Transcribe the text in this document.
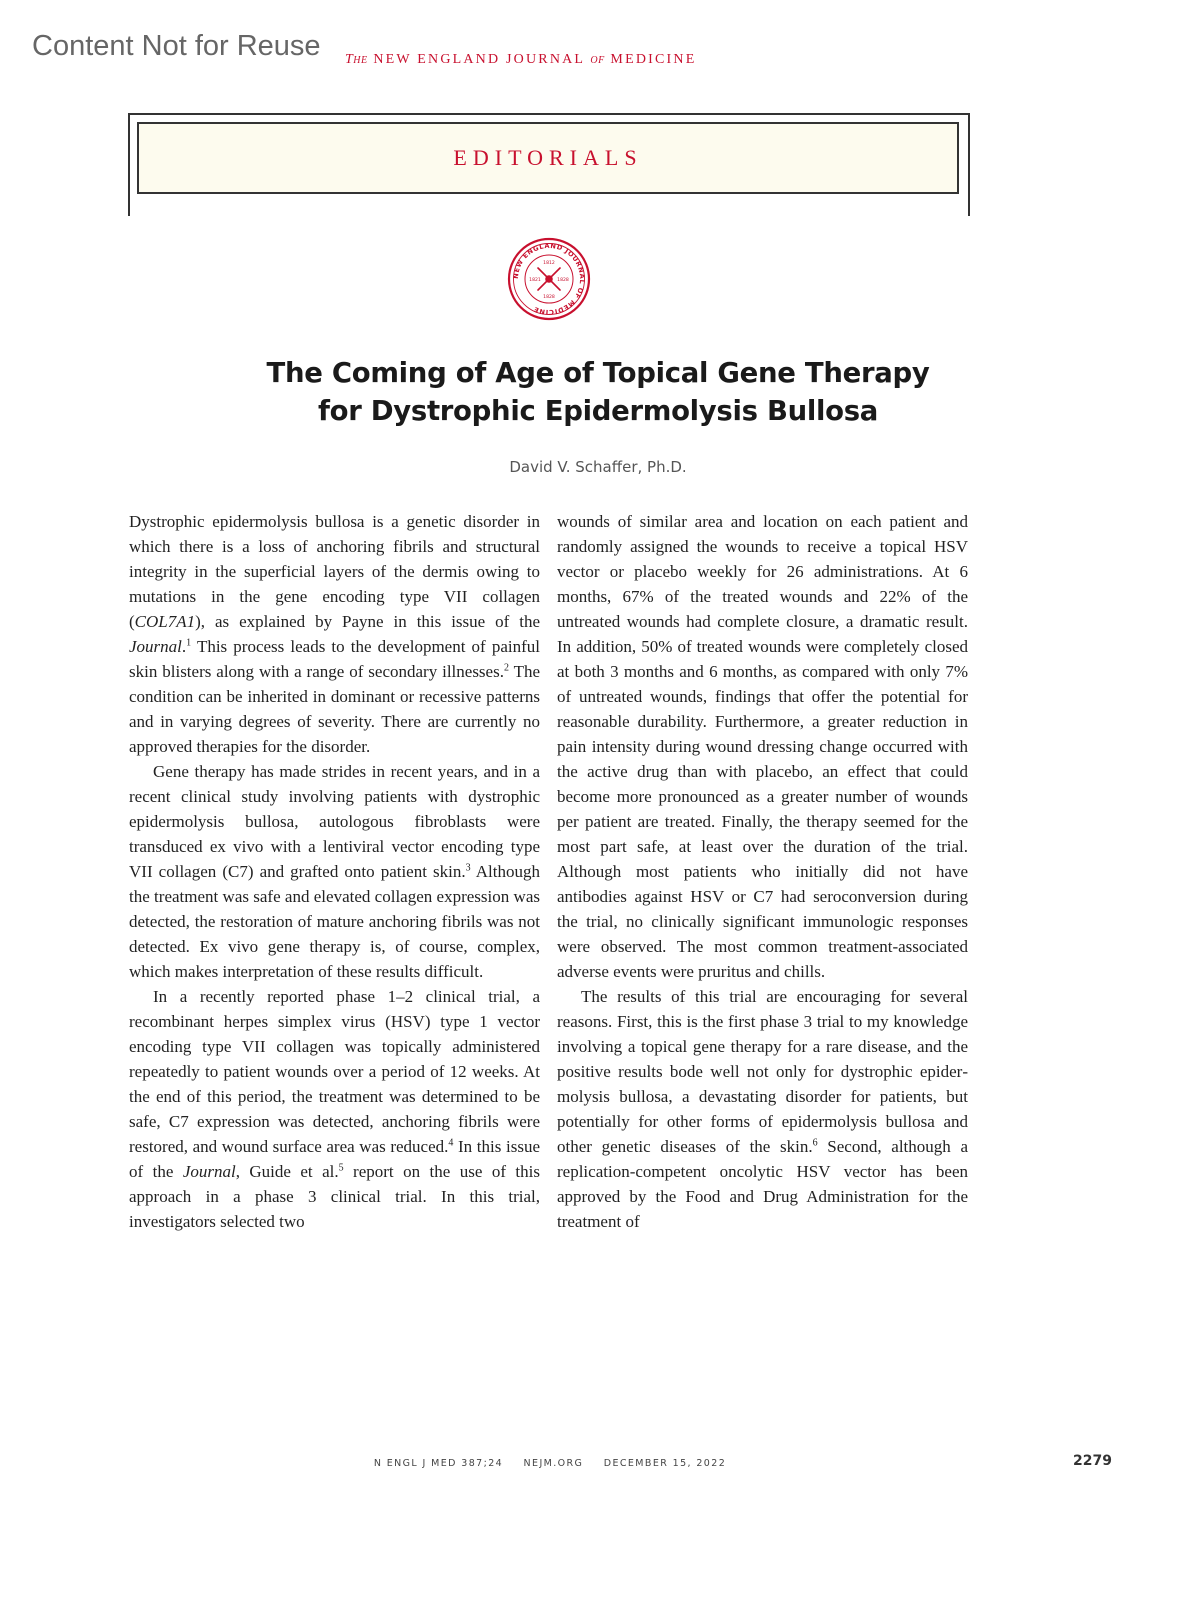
Content Not for Reuse The NEW ENGLAND JOURNAL of MEDICINE
EDITORIALS
NEW ENGLAND JOURNAL OF MEDICINE
1812
1821	1828
1828
The Coming of Age of Topical Gene Therapy
for Dystrophic Epidermolysis Bullosa
David V. Schaffer, Ph.D.

Dystrophic epidermolysis bullosa is a genetic disorder in which there is a loss of anchoring fibrils and structural integrity in the superficial layers of the dermis owing to mutations in the gene encoding type VII collagen (COL7A1), as explained by Payne in this issue of the Journal.$^1$ This process leads to the development of painful skin blisters along with a range of secondary illnesses.$^2$ The condition can be inherited in dominant or recessive patterns and in varying degrees of severity. There are currently no approved therapies for the disorder.

Gene therapy has made strides in recent years, and in a recent clinical study involving patients with dystrophic epidermolysis bullosa, autologous fibroblasts were transduced ex vivo with a lentiviral vector encoding type VII collagen (C7) and grafted onto patient skin.$^3$ Although the treatment was safe and elevated collagen expression was detected, the restoration of mature anchoring fibrils was not detected. Ex vivo gene therapy is, of course, complex, which makes interpretation of these results difficult.

In a recently reported phase 1–2 clinical trial, a recombinant herpes simplex virus (HSV) type 1 vector encoding type VII collagen was topically administered repeatedly to patient wounds over a period of 12 weeks. At the end of this period, the treatment was determined to be safe, C7 expression was detected, anchoring fibrils were restored, and wound surface area was reduced.$^4$ In this issue of the Journal, Guide et al.$^5$ report on the use of this approach in a phase 3 clinical trial. In this trial, investigators selected two

wounds of similar area and location on each patient and randomly assigned the wounds to receive a topical HSV vector or placebo weekly for 26 administrations. At 6 months, 67% of the treated wounds and 22% of the untreated wounds had complete closure, a dramatic result. In addition, 50% of treated wounds were completely closed at both 3 months and 6 months, as compared with only 7% of untreated wounds, findings that offer the potential for reasonable durability. Furthermore, a greater reduction in pain intensity during wound dressing change occurred with the active drug than with placebo, an effect that could become more pronounced as a greater number of wounds per patient are treated. Finally, the therapy seemed for the most part safe, at least over the duration of the trial. Although most patients who initially did not have antibodies against HSV or C7 had seroconversion during the trial, no clinically significant immunologic responses were observed. The most common treatment-associated adverse events were pruritus and chills.

The results of this trial are encouraging for several reasons. First, this is the first phase 3 trial to my knowledge involving a topical gene therapy for a rare disease, and the positive results bode well not only for dystrophic epidermolysis bullosa, a devastating disorder for patients, but potentially for other forms of epidermolysis bullosa and other genetic diseases of the skin.$^6$ Second, although a replication-competent oncolytic HSV vector has been approved by the Food and Drug Administration for the treatment of

N ENGL J MED 387;24 NEJM.ORG DECEMBER 15, 2022	2279
